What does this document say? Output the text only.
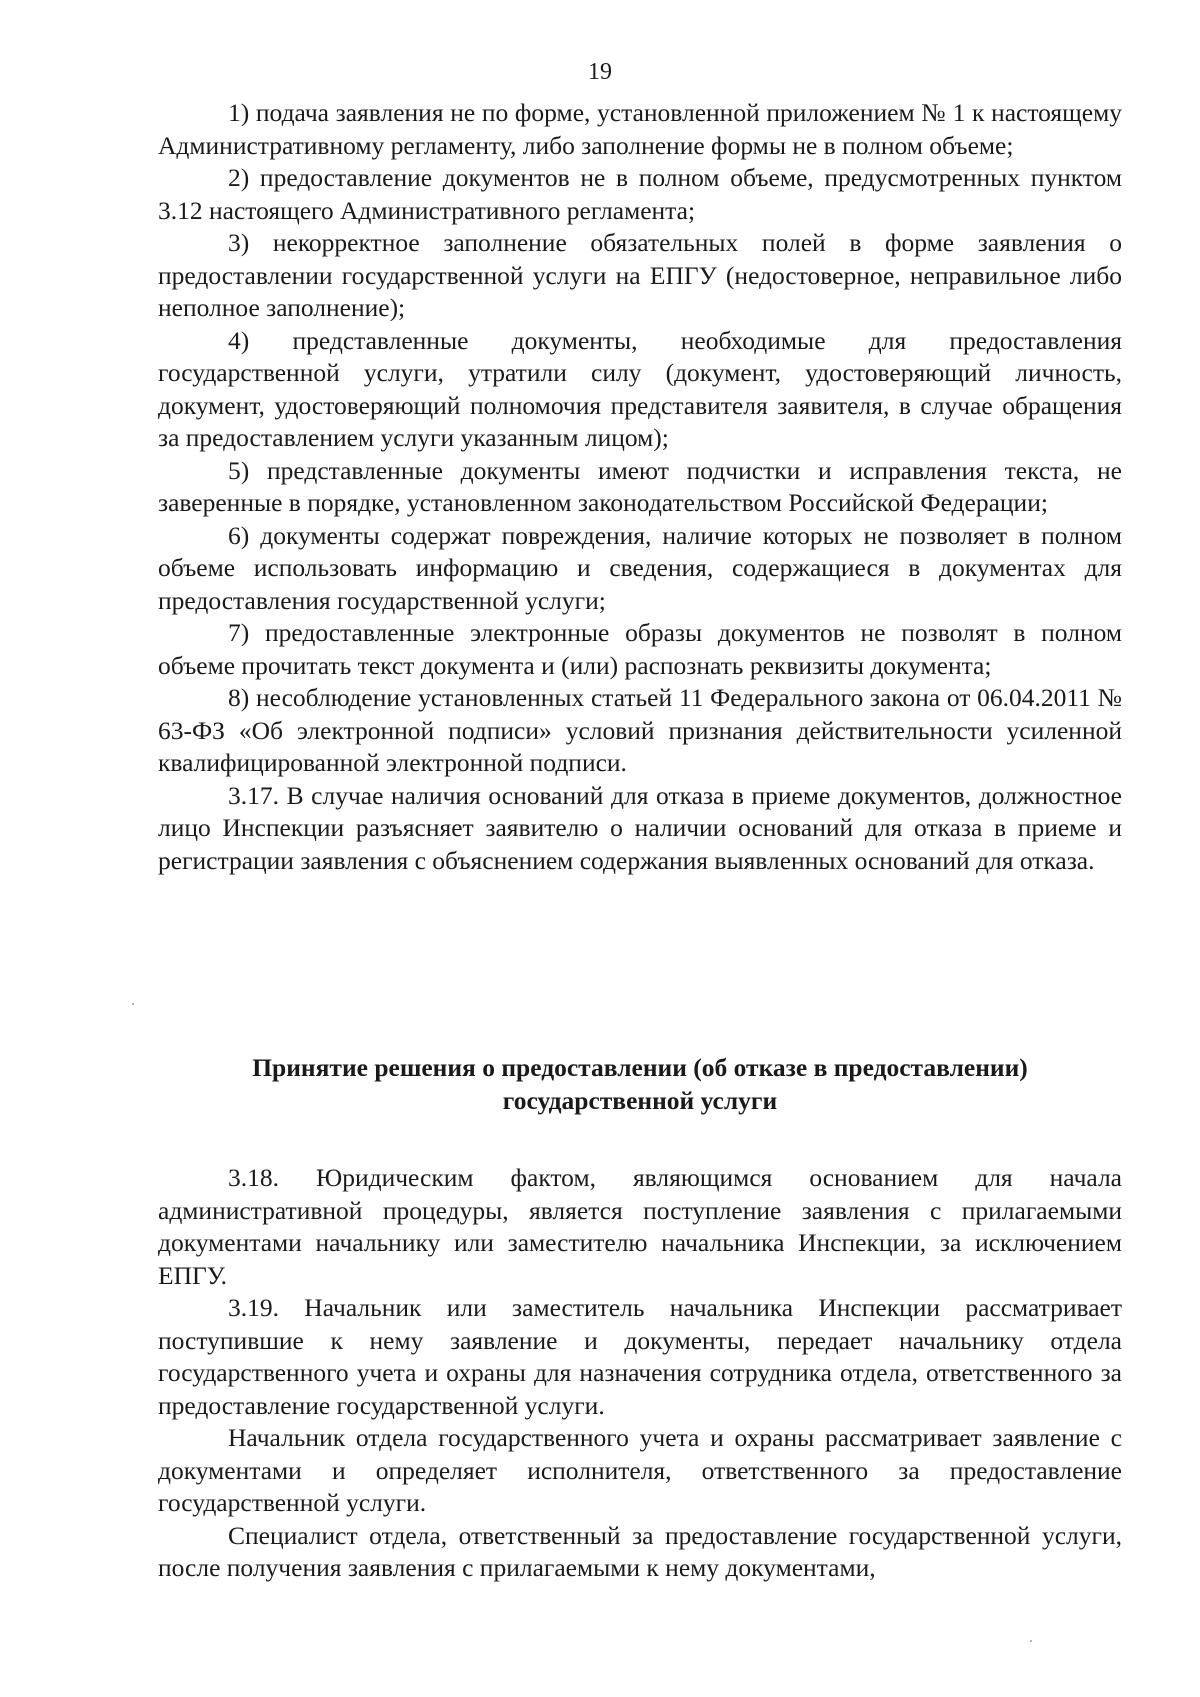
19

1) подача заявления не по форме, установленной приложением № 1 к настоящему Административному регламенту, либо заполнение формы не в полном объеме;

2) предоставление документов не в полном объеме, предусмотренных пунктом 3.12 настоящего Административного регламента;

3) некорректное заполнение обязательных полей в форме заявления о предоставлении государственной услуги на ЕПГУ (недостоверное, неправильное либо неполное заполнение);

4) представленные документы, необходимые для предоставления государственной услуги, утратили силу (документ, удостоверяющий личность, документ, удостоверяющий полномочия представителя заявителя, в случае обращения за предоставлением услуги указанным лицом);

5) представленные документы имеют подчистки и исправления текста, не заверенные в порядке, установленном законодательством Российской Федерации;

6) документы содержат повреждения, наличие которых не позволяет в полном объеме использовать информацию и сведения, содержащиеся в документах для предоставления государственной услуги;

7) предоставленные электронные образы документов не позволят в полном объеме прочитать текст документа и (или) распознать реквизиты документа;

8) несоблюдение установленных статьей 11 Федерального закона от 06.04.2011 № 63-ФЗ «Об электронной подписи» условий признания действительности усиленной квалифицированной электронной подписи.

3.17. В случае наличия оснований для отказа в приеме документов, должностное лицо Инспекции разъясняет заявителю о наличии оснований для отказа в приеме и регистрации заявления с объяснением содержания выявленных оснований для отказа.

Принятие решения о предоставлении (об отказе в предоставлении)
государственной услуги

3.18. Юридическим фактом, являющимся основанием для начала административной процедуры, является поступление заявления с прилагаемыми документами начальнику или заместителю начальника Инспекции, за исключением ЕПГУ.

3.19. Начальник или заместитель начальника Инспекции рассматривает поступившие к нему заявление и документы, передает начальнику отдела государственного учета и охраны для назначения сотрудника отдела, ответственного за предоставление государственной услуги.

Начальник отдела государственного учета и охраны рассматривает заявление с документами и определяет исполнителя, ответственного за предоставление государственной услуги.

Специалист отдела, ответственный за предоставление государственной услуги, после получения заявления с прилагаемыми к нему документами,
